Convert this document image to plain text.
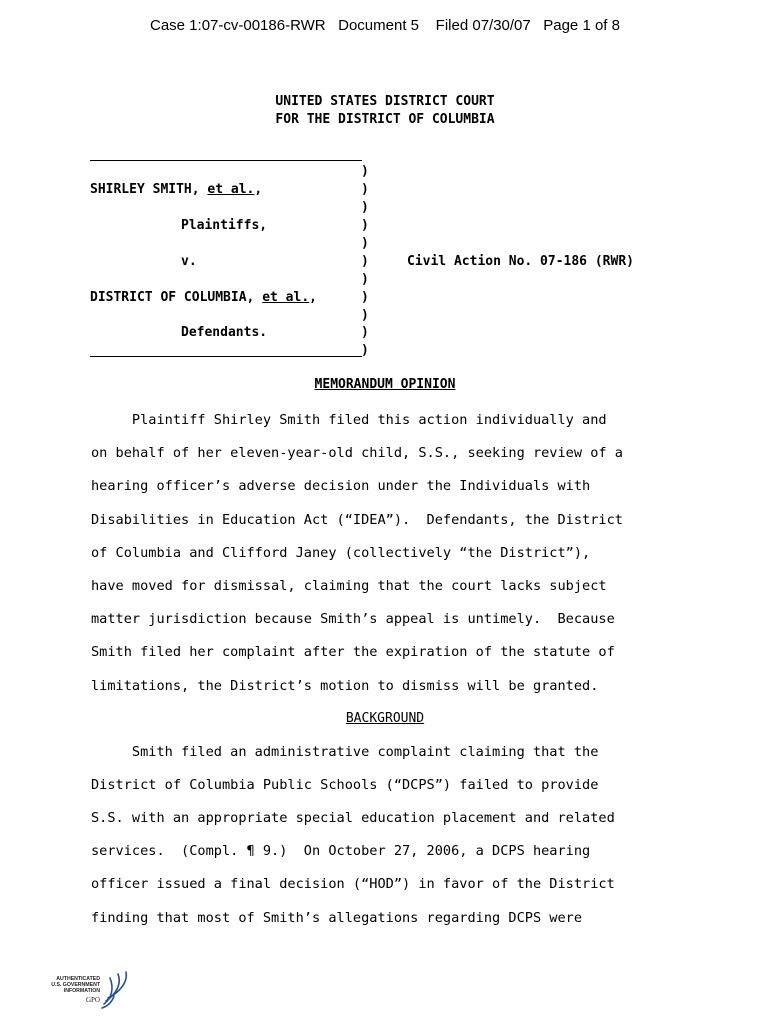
Case 1:07-cv-00186-RWR   Document 5    Filed 07/30/07   Page 1 of 8
UNITED STATES DISTRICT COURT
FOR THE DISTRICT OF COLUMBIA
SHIRLEY SMITH, et al.,
Plaintiffs,
v.
DISTRICT OF COLUMBIA, et al.,
Defendants.
)
)
)
)
)
)
)
)
)
)
)
Civil Action No. 07-186 (RWR)
MEMORANDUM OPINION
Plaintiff Shirley Smith filed this action individually and
on behalf of her eleven-year-old child, S.S., seeking review of a
hearing officer’s adverse decision under the Individuals with
Disabilities in Education Act (“IDEA”).  Defendants, the District
of Columbia and Clifford Janey (collectively “the District”),
have moved for dismissal, claiming that the court lacks subject
matter jurisdiction because Smith’s appeal is untimely.  Because
Smith filed her complaint after the expiration of the statute of
limitations, the District’s motion to dismiss will be granted.
BACKGROUND
Smith filed an administrative complaint claiming that the
District of Columbia Public Schools (“DCPS”) failed to provide
S.S. with an appropriate special education placement and related
services.  (Compl. ¶ 9.)  On October 27, 2006, a DCPS hearing
officer issued a final decision (“HOD”) in favor of the District
finding that most of Smith’s allegations regarding DCPS were
AUTHENTICATED
U.S. GOVERNMENT
INFORMATION
GPO
